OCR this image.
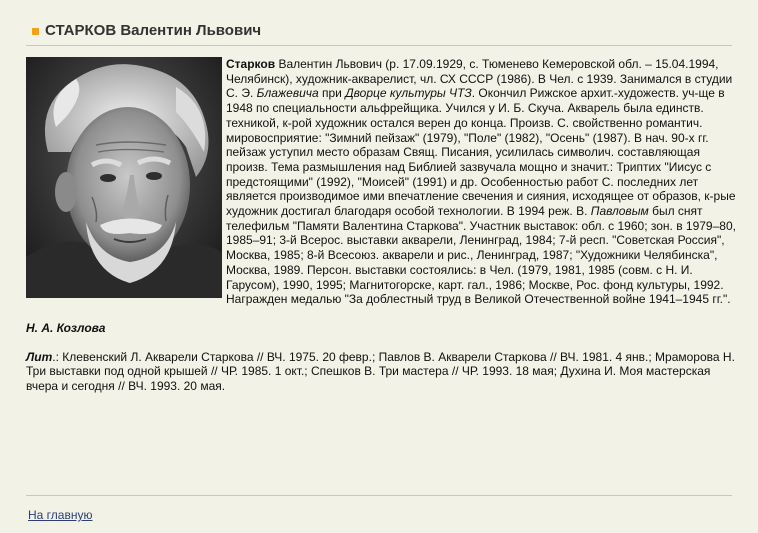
СТАРКОВ Валентин Львович

Старков Валентин Львович (р. 17.09.1929, с. Тюменево Кемеровской обл. – 15.04.1994, Челябинск), художник-акварелист, чл. СХ СССР (1986). В Чел. с 1939. Занимался в студии С. Э. Блажевича при Дворце культуры ЧТЗ. Окончил Рижское архит.-художеств. уч-ще в 1948 по специальности альфрейщика. Учился у И. Б. Скуча. Акварель была единств. техникой, к-рой художник остался верен до конца. Произв. С. свойственно романтич. мировосприятие: "Зимний пейзаж" (1979), "Поле" (1982), "Осень" (1987). В нач. 90-х гг. пейзаж уступил место образам Свящ. Писания, усилилась символич. составляющая произв. Тема размышления над Библией зазвучала мощно и значит.: Триптих "Иисус с предстоящими" (1992), "Моисей" (1991) и др. Особенностью работ С. последних лет является производимое ими впечатление свечения и сияния, исходящее от образов, к-рые художник достигал благодаря особой технологии. В 1994 реж. В. Павловым был снят телефильм "Памяти Валентина Старкова". Участник выставок: обл. с 1960; зон. в 1979–80, 1985–91; 3-й Всерос. выставки акварели, Ленинград, 1984; 7-й респ. "Советская Россия", Москва, 1985; 8-й Всесоюз. акварели и рис., Ленинград, 1987; "Художники Челябинска", Москва, 1989. Персон. выставки состоялись: в Чел. (1979, 1981, 1985 (совм. с Н. И. Гарусом), 1990, 1995; Магнитогорске, карт. гал., 1986; Москве, Рос. фонд культуры, 1992. Награжден медалью "За доблестный труд в Великой Отечественной войне 1941–1945 гг.".

Н. А. Козлова

Лит.: Клевенский Л. Акварели Старкова // ВЧ. 1975. 20 февр.; Павлов В. Акварели Старкова // ВЧ. 1981. 4 янв.; Мраморова Н. Три выставки под одной крышей // ЧР. 1985. 1 окт.; Спешков В. Три мастера // ЧР. 1993. 18 мая; Духина И. Моя мастерская вчера и сегодня // ВЧ. 1993. 20 мая.

На главную
